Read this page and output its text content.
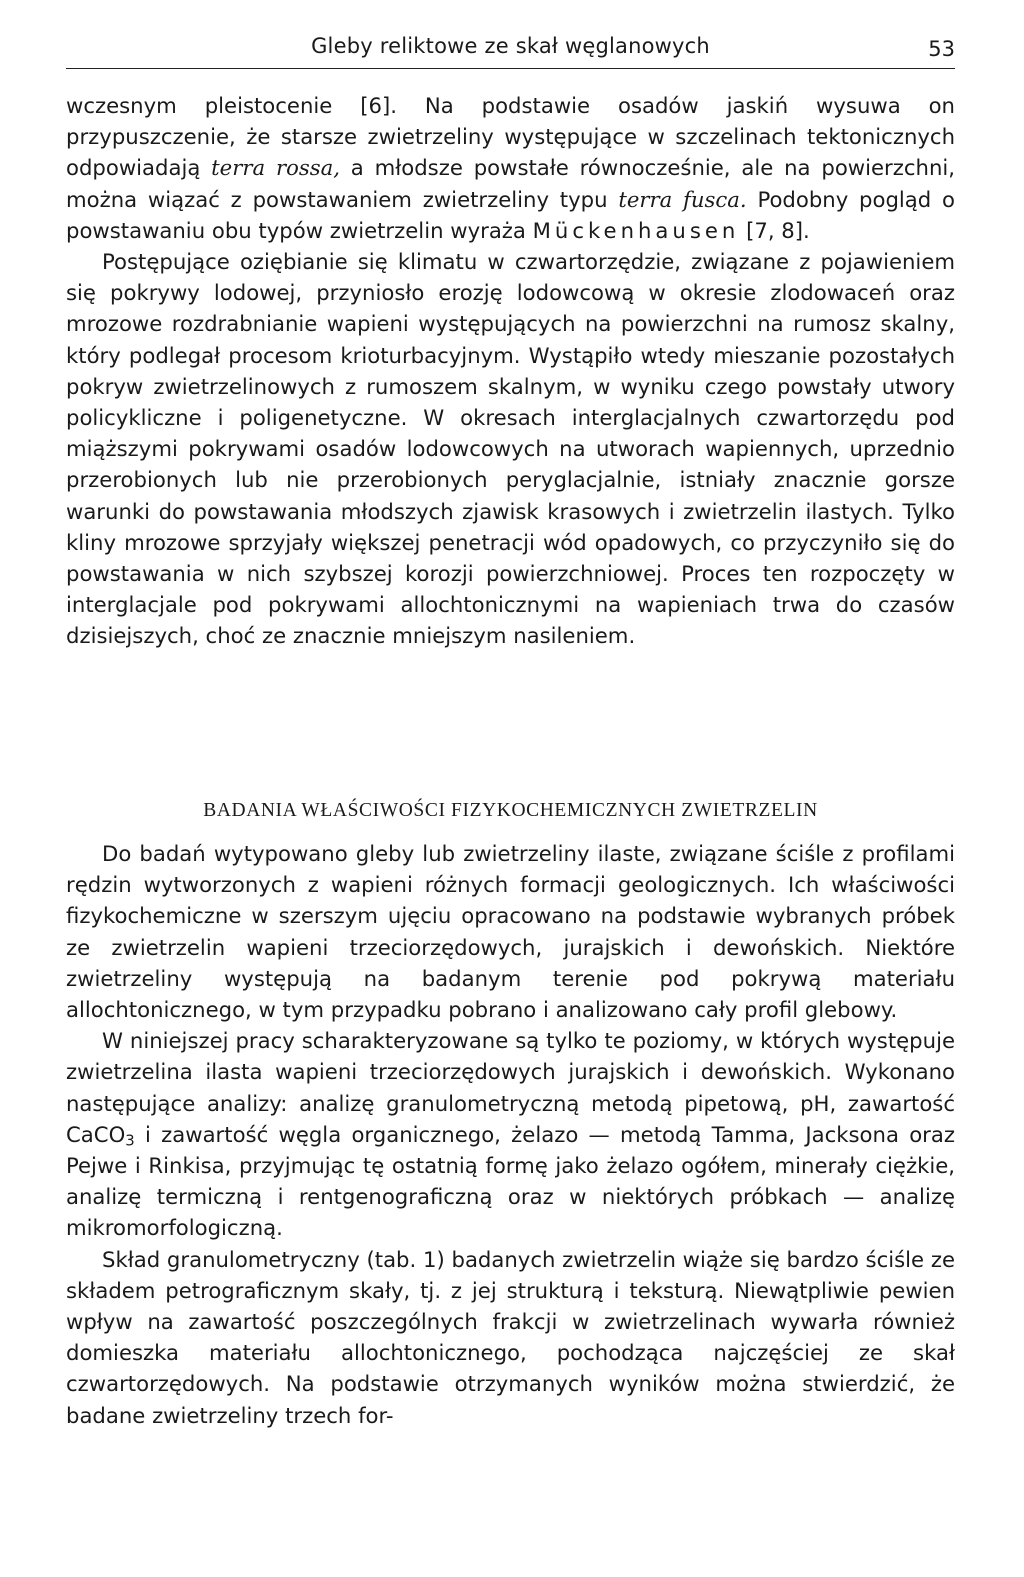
Gleby reliktowe ze skał węglanowych	53

wczesnym pleistocenie [6]. Na podstawie osadów jaskiń wysuwa on przypuszczenie, że starsze zwietrzeliny występujące w szczelinach tektonicznych odpowiadają terra rossa, a młodsze powstałe równocześnie, ale na powierzchni, można wiązać z powstawaniem zwietrzeliny typu terra fusca. Podobny pogląd o powstawaniu obu typów zwietrzelin wyraża Mückenhausen [7, 8].

Postępujące oziębianie się klimatu w czwartorzędzie, związane z pojawieniem się pokrywy lodowej, przyniosło erozję lodowcową w okresie zlodowaceń oraz mrozowe rozdrabnianie wapieni występujących na powierzchni na rumosz skalny, który podlegał procesom krioturbacyjnym. Wystąpiło wtedy mieszanie pozostałych pokryw zwietrzelinowych z rumoszem skalnym, w wyniku czego powstały utwory policykliczne i poligenetyczne. W okresach interglacjalnych czwartorzędu pod miąższymi pokrywami osadów lodowcowych na utworach wapiennych, uprzednio przerobionych lub nie przerobionych peryglacjalnie, istniały znacznie gorsze warunki do powstawania młodszych zjawisk krasowych i zwietrzelin ilastych. Tylko kliny mrozowe sprzyjały większej penetracji wód opadowych, co przyczyniło się do powstawania w nich szybszej korozji powierzchniowej. Proces ten rozpoczęty w interglacjale pod pokrywami allochtonicznymi na wapieniach trwa do czasów dzisiejszych, choć ze znacznie mniejszym nasileniem.

BADANIA WŁAŚCIWOŚCI FIZYKOCHEMICZNYCH ZWIETRZELIN

Do badań wytypowano gleby lub zwietrzeliny ilaste, związane ściśle z profilami rędzin wytworzonych z wapieni różnych formacji geologicznych. Ich właściwości fizykochemiczne w szerszym ujęciu opracowano na podstawie wybranych próbek ze zwietrzelin wapieni trzeciorzędowych, jurajskich i dewońskich. Niektóre zwietrzeliny występują na badanym terenie pod pokrywą materiału allochtonicznego, w tym przypadku pobrano i analizowano cały profil glebowy.

W niniejszej pracy scharakteryzowane są tylko te poziomy, w których występuje zwietrzelina ilasta wapieni trzeciorzędowych jurajskich i dewońskich. Wykonano następujące analizy: analizę granulometryczną metodą pipetową, pH, zawartość CaCO$_3$ i zawartość węgla organicznego, żelazo — metodą Tamma, Jacksona oraz Pejwe i Rinkisa, przyjmując tę ostatnią formę jako żelazo ogółem, minerały ciężkie, analizę termiczną i rentgenograficzną oraz w niektórych próbkach — analizę mikromorfologiczną.

Skład granulometryczny (tab. 1) badanych zwietrzelin wiąże się bardzo ściśle ze składem petrograficznym skały, tj. z jej strukturą i teksturą. Niewątpliwie pewien wpływ na zawartość poszczególnych frakcji w zwietrzelinach wywarła również domieszka materiału allochtonicznego, pochodząca najczęściej ze skał czwartorzędowych. Na podstawie otrzymanych wyników można stwierdzić, że badane zwietrzeliny trzech for-
